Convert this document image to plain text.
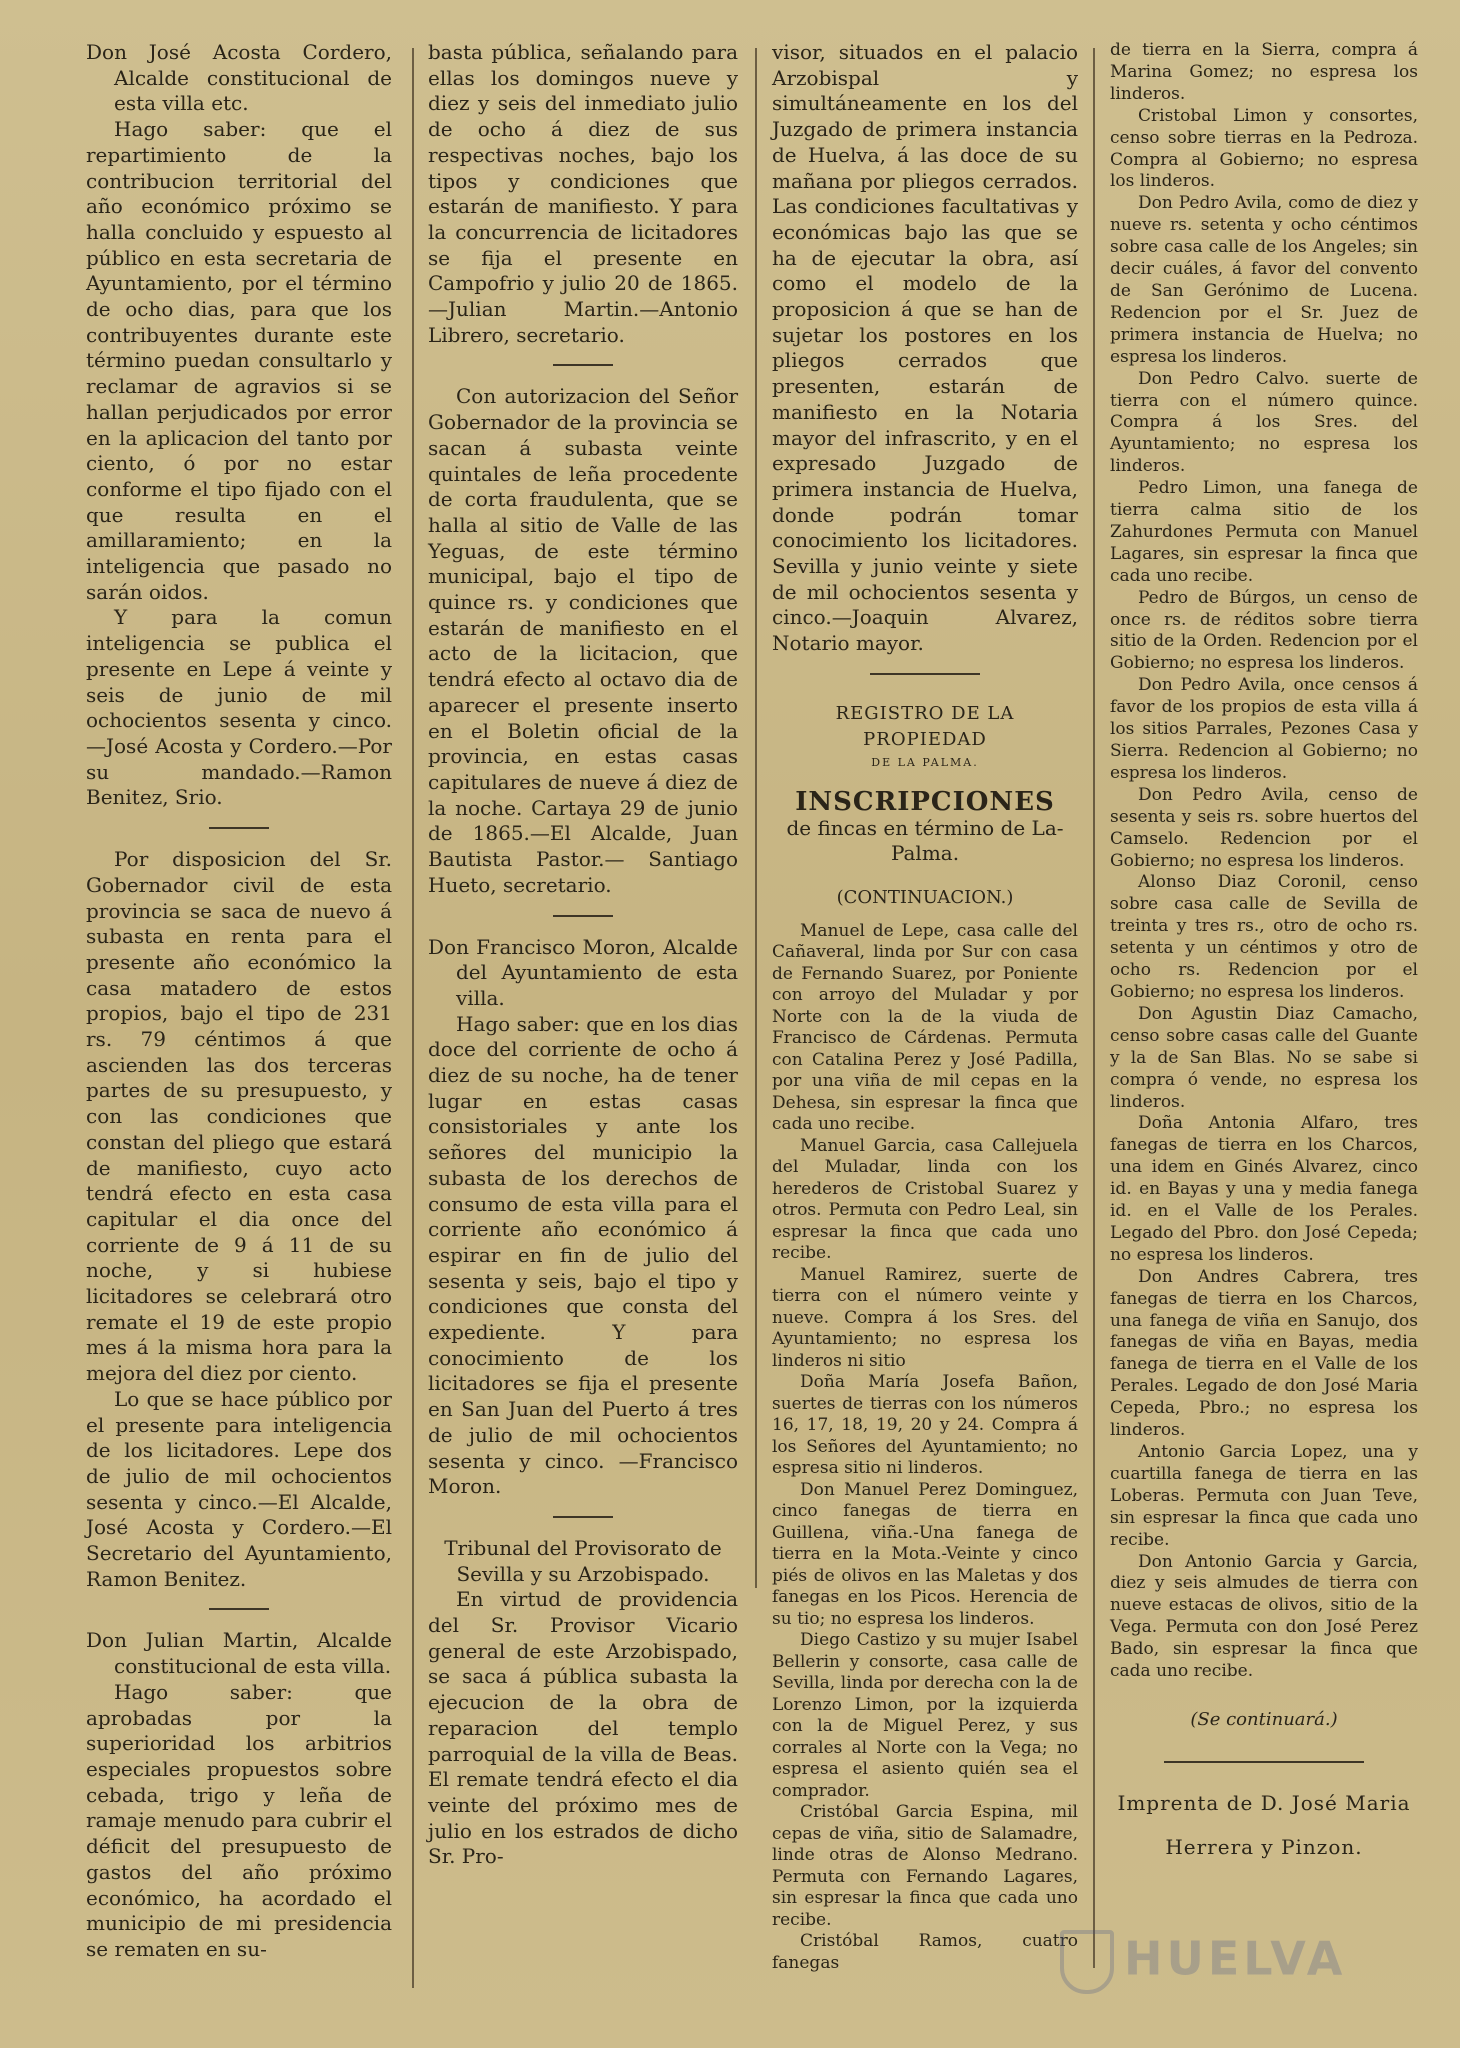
Don José Acosta Cordero, Alcalde constitucional de esta villa etc.

Hago saber: que el repartimiento de la contribucion territorial del año económico próximo se halla concluido y espuesto al público en esta secretaria de Ayuntamiento, por el término de ocho dias, para que los contribuyentes durante este término puedan consultarlo y reclamar de agravios si se hallan perjudicados por error en la aplicacion del tanto por ciento, ó por no estar conforme el tipo fijado con el que resulta en el amillaramiento; en la inteligencia que pasado no sarán oidos.

Y para la comun inteligencia se publica el presente en Lepe á veinte y seis de junio de mil ochocientos sesenta y cinco.—José Acosta y Cordero.—Por su mandado.—Ramon Benitez, Srio.

Por disposicion del Sr. Gobernador civil de esta provincia se saca de nuevo á subasta en renta para el presente año económico la casa matadero de estos propios, bajo el tipo de 231 rs. 79 céntimos á que ascienden las dos terceras partes de su presupuesto, y con las condiciones que constan del pliego que estará de manifiesto, cuyo acto tendrá efecto en esta casa capitular el dia once del corriente de 9 á 11 de su noche, y si hubiese licitadores se celebrará otro remate el 19 de este propio mes á la misma hora para la mejora del diez por ciento.

Lo que se hace público por el presente para inteligencia de los licitadores. Lepe dos de julio de mil ochocientos sesenta y cinco.—El Alcalde, José Acosta y Cordero.—El Secretario del Ayuntamiento, Ramon Benitez.

Don Julian Martin, Alcalde constitucional de esta villa.

Hago saber: que aprobadas por la superioridad los arbitrios especiales propuestos sobre cebada, trigo y leña de ramaje menudo para cubrir el déficit del presupuesto de gastos del año próximo económico, ha acordado el municipio de mi presidencia se rematen en su-

basta pública, señalando para ellas los domingos nueve y diez y seis del inmediato julio de ocho á diez de sus respectivas noches, bajo los tipos y condiciones que estarán de manifiesto. Y para la concurrencia de licitadores se fija el presente en Campofrio y julio 20 de 1865.—Julian Martin.—Antonio Librero, secretario.

Con autorizacion del Señor Gobernador de la provincia se sacan á subasta veinte quintales de leña procedente de corta fraudulenta, que se halla al sitio de Valle de las Yeguas, de este término municipal, bajo el tipo de quince rs. y condiciones que estarán de manifiesto en el acto de la licitacion, que tendrá efecto al octavo dia de aparecer el presente inserto en el Boletin oficial de la provincia, en estas casas capitulares de nueve á diez de la noche. Cartaya 29 de junio de 1865.—El Alcalde, Juan Bautista Pastor.— Santiago Hueto, secretario.

Don Francisco Moron, Alcalde del Ayuntamiento de esta villa.

Hago saber: que en los dias doce del corriente de ocho á diez de su noche, ha de tener lugar en estas casas consistoriales y ante los señores del municipio la subasta de los derechos de consumo de esta villa para el corriente año económico á espirar en fin de julio del sesenta y seis, bajo el tipo y condiciones que consta del expediente. Y para conocimiento de los licitadores se fija el presente en San Juan del Puerto á tres de julio de mil ochocientos sesenta y cinco. —Francisco Moron.

Tribunal del Provisorato de Sevilla y su Arzobispado.

En virtud de providencia del Sr. Provisor Vicario general de este Arzobispado, se saca á pública subasta la ejecucion de la obra de reparacion del templo parroquial de la villa de Beas. El remate tendrá efecto el dia veinte del próximo mes de julio en los estrados de dicho Sr. Pro-

visor, situados en el palacio Arzobispal y simultáneamente en los del Juzgado de primera instancia de Huelva, á las doce de su mañana por pliegos cerrados. Las condiciones facultativas y económicas bajo las que se ha de ejecutar la obra, así como el modelo de la proposicion á que se han de sujetar los postores en los pliegos cerrados que presenten, estarán de manifiesto en la Notaria mayor del infrascrito, y en el expresado Juzgado de primera instancia de Huelva, donde podrán tomar conocimiento los licitadores. Sevilla y junio veinte y siete de mil ochocientos sesenta y cinco.—Joaquin Alvarez, Notario mayor.

REGISTRO DE LA PROPIEDAD
DE LA PALMA.
INSCRIPCIONES

de fincas en término de La-Palma.

(CONTINUACION.)

Manuel de Lepe, casa calle del Cañaveral, linda por Sur con casa de Fernando Suarez, por Poniente con arroyo del Muladar y por Norte con la de la viuda de Francisco de Cárdenas. Permuta con Catalina Perez y José Padilla, por una viña de mil cepas en la Dehesa, sin espresar la finca que cada uno recibe.

Manuel Garcia, casa Callejuela del Muladar, linda con los herederos de Cristobal Suarez y otros. Permuta con Pedro Leal, sin espresar la finca que cada uno recibe.

Manuel Ramirez, suerte de tierra con el número veinte y nueve. Compra á los Sres. del Ayuntamiento; no espresa los linderos ni sitio

Doña María Josefa Bañon, suertes de tierras con los números 16, 17, 18, 19, 20 y 24. Compra á los Señores del Ayuntamiento; no espresa sitio ni linderos.

Don Manuel Perez Dominguez, cinco fanegas de tierra en Guillena, viña.-Una fanega de tierra en la Mota.-Veinte y cinco piés de olivos en las Maletas y dos fanegas en los Picos. Herencia de su tio; no espresa los linderos.

Diego Castizo y su mujer Isabel Bellerin y consorte, casa calle de Sevilla, linda por derecha con la de Lorenzo Limon, por la izquierda con la de Miguel Perez, y sus corrales al Norte con la Vega; no espresa el asiento quién sea el comprador.

Cristóbal Garcia Espina, mil cepas de viña, sitio de Salamadre, linde otras de Alonso Medrano. Permuta con Fernando Lagares, sin espresar la finca que cada uno recibe.

Cristóbal Ramos, cuatro fanegas

de tierra en la Sierra, compra á Marina Gomez; no espresa los linderos.

Cristobal Limon y consortes, censo sobre tierras en la Pedroza. Compra al Gobierno; no espresa los linderos.

Don Pedro Avila, como de diez y nueve rs. setenta y ocho céntimos sobre casa calle de los Angeles; sin decir cuáles, á favor del convento de San Gerónimo de Lucena. Redencion por el Sr. Juez de primera instancia de Huelva; no espresa los linderos.

Don Pedro Calvo. suerte de tierra con el número quince. Compra á los Sres. del Ayuntamiento; no espresa los linderos.

Pedro Limon, una fanega de tierra calma sitio de los Zahurdones Permuta con Manuel Lagares, sin espresar la finca que cada uno recibe.

Pedro de Búrgos, un censo de once rs. de réditos sobre tierra sitio de la Orden. Redencion por el Gobierno; no espresa los linderos.

Don Pedro Avila, once censos á favor de los propios de esta villa á los sitios Parrales, Pezones Casa y Sierra. Redencion al Gobierno; no espresa los linderos.

Don Pedro Avila, censo de sesenta y seis rs. sobre huertos del Camselo. Redencion por el Gobierno; no espresa los linderos.

Alonso Diaz Coronil, censo sobre casa calle de Sevilla de treinta y tres rs., otro de ocho rs. setenta y un céntimos y otro de ocho rs. Redencion por el Gobierno; no espresa los linderos.

Don Agustin Diaz Camacho, censo sobre casas calle del Guante y la de San Blas. No se sabe si compra ó vende, no espresa los linderos.

Doña Antonia Alfaro, tres fanegas de tierra en los Charcos, una idem en Ginés Alvarez, cinco id. en Bayas y una y media fanega id. en el Valle de los Perales. Legado del Pbro. don José Cepeda; no espresa los linderos.

Don Andres Cabrera, tres fanegas de tierra en los Charcos, una fanega de viña en Sanujo, dos fanegas de viña en Bayas, media fanega de tierra en el Valle de los Perales. Legado de don José Maria Cepeda, Pbro.; no espresa los linderos.

Antonio Garcia Lopez, una y cuartilla fanega de tierra en las Loberas. Permuta con Juan Teve, sin espresar la finca que cada uno recibe.

Don Antonio Garcia y Garcia, diez y seis almudes de tierra con nueve estacas de olivos, sitio de la Vega. Permuta con don José Perez Bado, sin espresar la finca que cada uno recibe.

(Se continuará.)
Imprenta de D. José Maria
Herrera y Pinzon.
HUELVA
